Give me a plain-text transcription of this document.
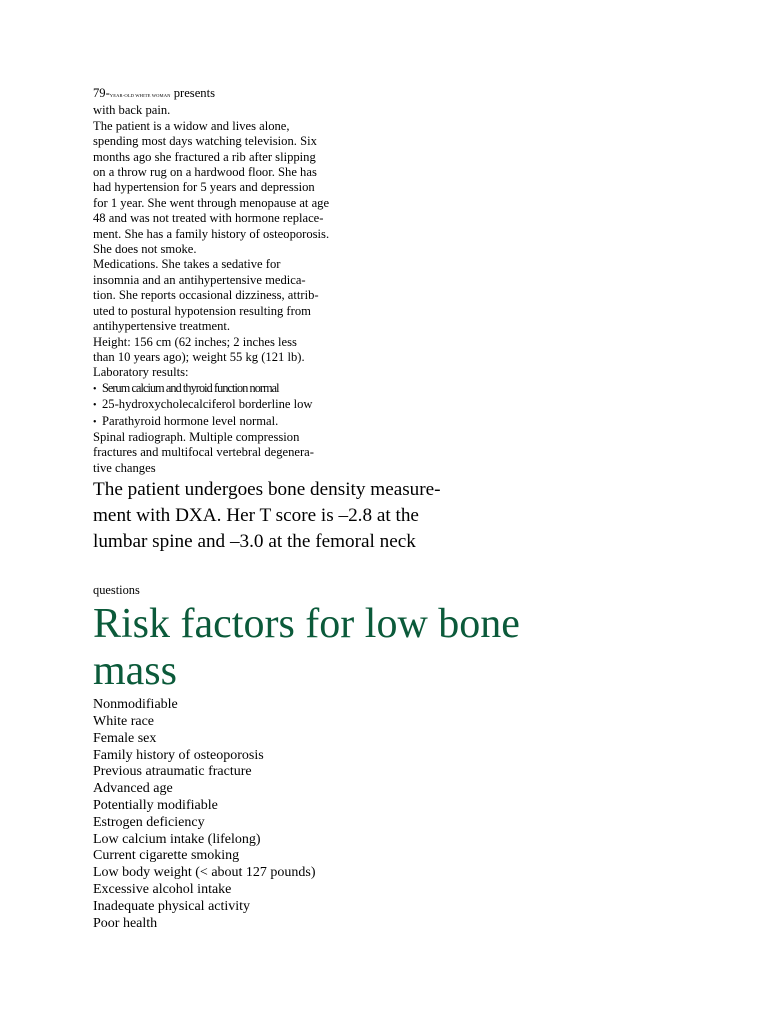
79-YEAR-OLD WHITE WOMAN presents

with back pain.

The patient is a widow and lives alone,

spending most days watching television. Six

months ago she fractured a rib after slipping

on a throw rug on a hardwood floor. She has

had hypertension for 5 years and depression

for 1 year. She went through menopause at age

48 and was not treated with hormone replace-

ment. She has a family history of osteoporosis.

She does not smoke.

Medications. She takes a sedative for

insomnia and an antihypertensive medica-

tion. She reports occasional dizziness, attrib-

uted to postural hypotension resulting from

antihypertensive treatment.

Height: 156 cm (62 inches; 2 inches less

than 10 years ago); weight 55 kg (121 lb).

Laboratory results:

• Serum calcium and thyroid function normal
• 25-hydroxycholecalciferol borderline low
• Parathyroid hormone level normal.

Spinal radiograph. Multiple compression

fractures and multifocal vertebral degenera-

tive changes

The patient undergoes bone density measure-
ment with DXA. Her T score is –2.8 at the
lumbar spine and –3.0 at the femoral neck
questions
Risk factors for low bone mass
Nonmodifiable
White race
Female sex
Family history of osteoporosis
Previous atraumatic fracture
Advanced age
Potentially modifiable
Estrogen deficiency
Low calcium intake (lifelong)
Current cigarette smoking
Low body weight (< about 127 pounds)
Excessive alcohol intake
Inadequate physical activity
Poor health
